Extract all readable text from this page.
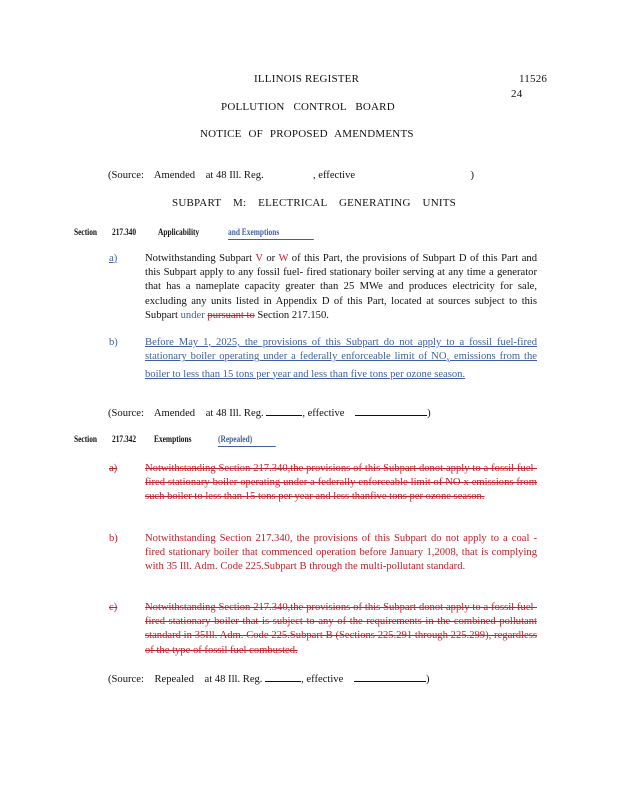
ILLINOIS REGISTER	11526
24
POLLUTION CONTROL BOARD
NOTICE OF PROPOSED AMENDMENTS
(Source: Amended at 48 Ill. Reg.	, effective	)
SUBPART M: ELECTRICAL GENERATING UNITS
Section 217.340 Applicability	and Exemptions
a)	Notwithstanding Subpart V or W of this Part, the provisions of Subpart D of this Part and this Subpart apply to any fossil fuel- fired stationary boiler serving at any time a generator that has a nameplate capacity greater than 25 MWe and produces electricity for sale, excluding any units listed in Appendix D of this Part, located at sources subject to this Subpart under pursuant to Section 217.150.
b)	Before May 1, 2025, the provisions of this Subpart do not apply to a fossil fuel-fired stationary boiler operating under a federally enforceable limit of $NO_x$ emissions from the boiler to less than 15 tons per year and less than five tons per ozone season.
(Source: Amended at 48 Ill. Reg.	, effective	)
Section 217.342 Exemptions	(Repealed)
a)	Notwithstanding Section 217.340,the provisions of this Subpart donot apply to a fossil fuel-fired stationary boiler operating under a federally enforceable limit of NO x emissions from such boiler to less than 15 tons per year and less thanfive tons per ozone season.
b)	Notwithstanding Section 217.340, the provisions of this Subpart do not apply to a coal -fired stationary boiler that commenced operation before January 1,2008, that is complying with 35 Ill. Adm. Code 225.Subpart B through the multi-pollutant standard.
c)	Notwithstanding Section 217.340,the provisions of this Subpart donot apply to a fossil fuel-fired stationary boiler that is subject to any of the requirements in the combined pollutant standard in 35Ill. Adm. Code 225.Subpart B (Sections 225.291 through 225.299), regardless of the type of fossil fuel combusted.
(Source: Repealed at 48 Ill. Reg.	, effective	)
